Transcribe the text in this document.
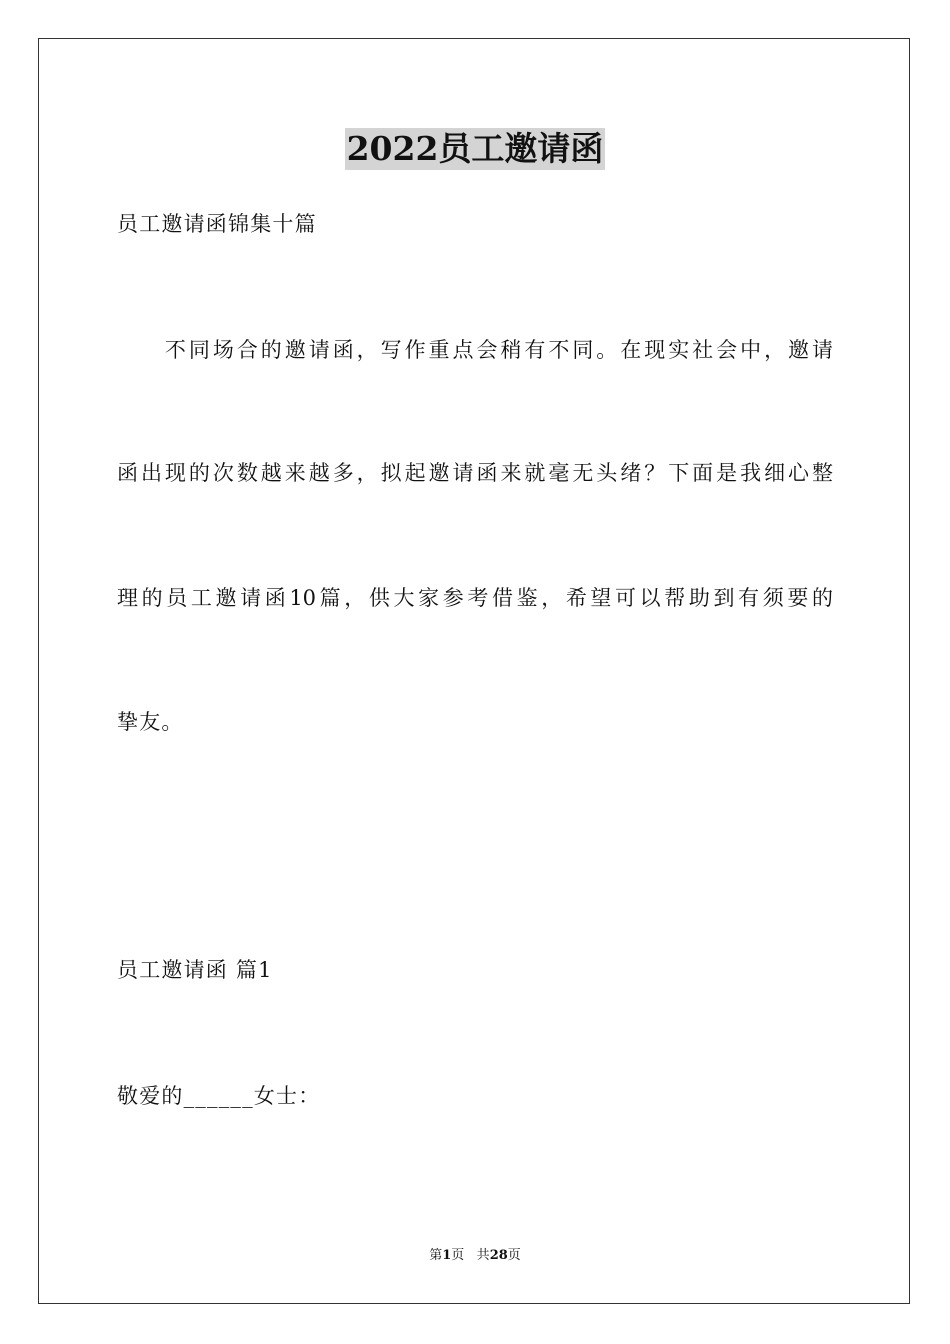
2022员工邀请函
员工邀请函锦集十篇
　　不同场合的邀请函，写作重点会稍有不同。在现实社会中，邀请
函出现的次数越来越多，拟起邀请函来就毫无头绪？下面是我细心整
理的员工邀请函10篇，供大家参考借鉴，希望可以帮助到有须要的
挚友。
员工邀请函 篇1
敬爱的______女士：
第1页 共28页
